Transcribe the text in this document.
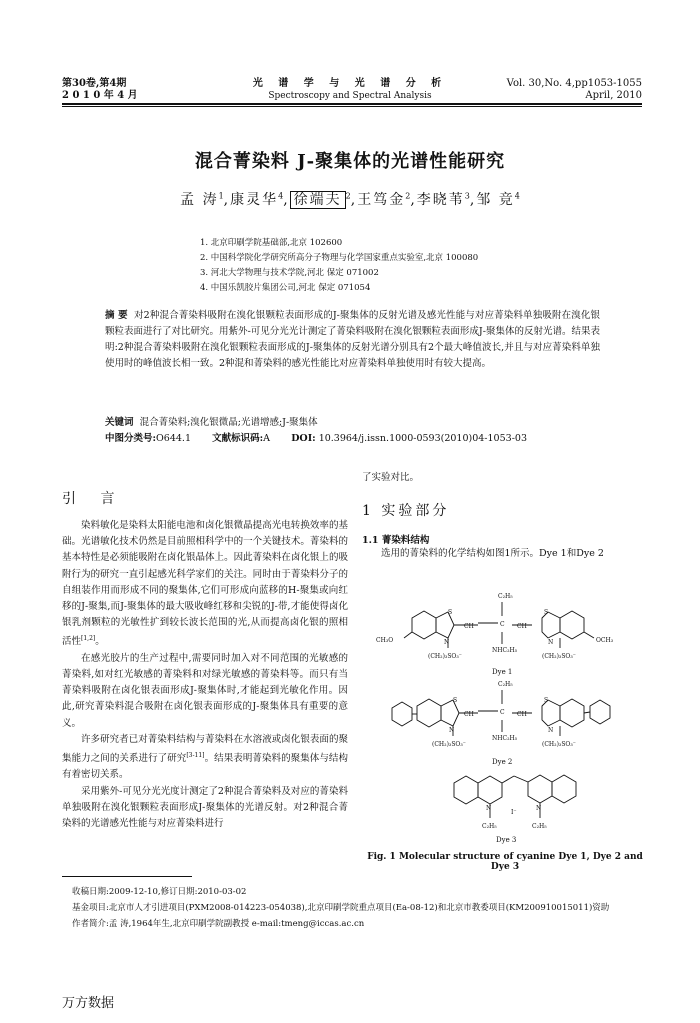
第30卷,第4期
2 0 1 0 年 4 月
光 谱 学 与 光 谱 分 析
Spectroscopy and Spectral Analysis
Vol. 30,No. 4,pp1053-1055
April, 2010
混合菁染料 J-聚集体的光谱性能研究
孟 涛$^1$,康灵华$^4$, 徐端夫 $^2$,王笃金$^2$,李晓苇$^3$,邹 竞$^4$
1. 北京印刷学院基础部,北京 102600
2. 中国科学院化学研究所高分子物理与化学国家重点实验室,北京 100080
3. 河北大学物理与技术学院,河北 保定 071002
4. 中国乐凯胶片集团公司,河北 保定 071054
摘 要 对2种混合菁染料吸附在溴化银颗粒表面形成的J-聚集体的反射光谱及感光性能与对应菁染料单独吸附在溴化银颗粒表面进行了对比研究。用紫外-可见分光光计测定了菁染料吸附在溴化银颗粒表面形成J-聚集体的反射光谱。结果表明:2种混合菁染料吸附在溴化银颗粒表面形成的J-聚集体的反射光谱分别具有2个最大峰值波长,并且与对应菁染料单独使用时的峰值波长相一致。2种混和菁染料的感光性能比对应菁染料单独使用时有较大提高。
关键词 混合菁染料;溴化银微晶;光谱增感;J-聚集体
中图分类号:O644.1 文献标识码:A DOI: 10.3964/j.issn.1000-0593(2010)04-1053-03
引 言

染料敏化是染料太阳能电池和卤化银微晶提高光电转换效率的基础。光谱敏化技术仍然是目前照相科学中的一个关键技术。菁染料的基本特性是必须能吸附在卤化银晶体上。因此菁染料在卤化银上的吸附行为的研究一直引起感光科学家们的关注。同时由于菁染料分子的自组装作用而形成不同的聚集体,它们可形成向蓝移的H-聚集或向红移的J-聚集,而J-聚集体的最大吸收峰红移和尖锐的J-带,才能使得卤化银乳剂颗粒的光敏性扩到较长波长范围的光,从而提高卤化银的照相活性[1,2]。

在感光胶片的生产过程中,需要同时加入对不同范围的光敏感的菁染料,如对红光敏感的菁染料和对绿光敏感的菁染料等。而只有当菁染料吸附在卤化银表面形成J-聚集体时,才能起到光敏化作用。因此,研究菁染料混合吸附在卤化银表面形成的J-聚集体具有重要的意义。

许多研究者已对菁染料结构与菁染料在水溶液或卤化银表面的聚集能力之间的关系进行了研究[3-11]。结果表明菁染料的聚集体与结构有着密切关系。

采用紫外-可见分光光度计测定了2种混合菁染料及对应的菁染料单独吸附在溴化银颗粒表面形成J-聚集体的光谱反射。对2种混合菁染料的光谱感光性能与对应菁染料进行

了实验对比。

1 实验部分
1.1 菁染料结构

选用的菁染料的化学结构如图1所示。Dye 1和Dye 2

C₂H₅
CH	C CH
S	S
N	N
CH₃O	OCH₃
NHC₂H₅
(CH₂)₃SO₃⁻	(CH₂)₃SO₃⁻
Dye 1
C₂H₅
CH	C CH
S	S
N	N
NHC₂H₅
(CH₂)₃SO₃⁻	(CH₂)₃SO₃⁻
Dye 2
N	N
I⁻
C₂H₅	C₂H₅
Dye 3
Fig. 1 Molecular structure of cyanine Dye 1, Dye 2 and Dye 3
收稿日期:2009-12-10,修订日期:2010-03-02
基金项目:北京市人才引进项目(PXM2008-014223-054038),北京印刷学院重点项目(Ea-08-12)和北京市教委项目(KM200910015011)资助
作者简介:孟 涛,1964年生,北京印刷学院副教授 e-mail:tmeng@iccas.ac.cn
万方数据
